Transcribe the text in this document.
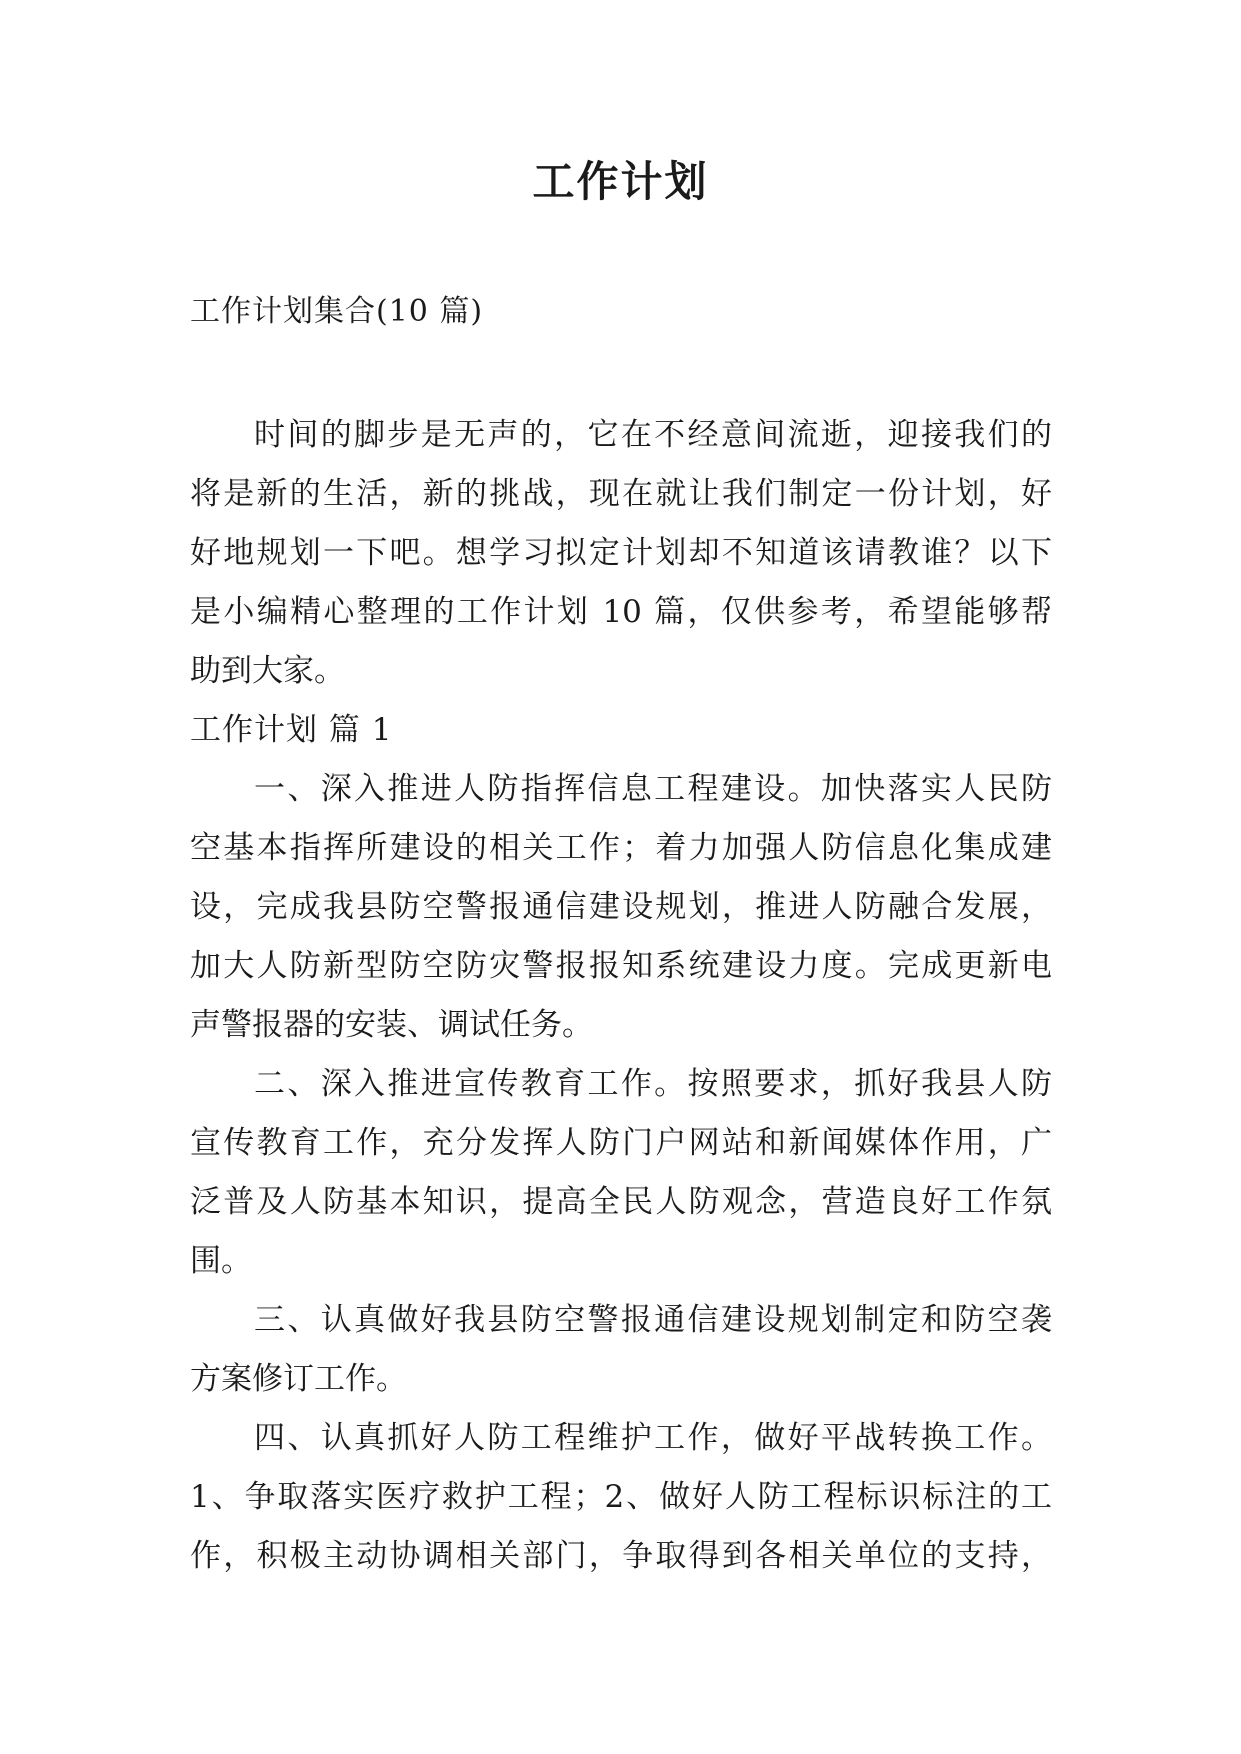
工作计划
工作计划集合(10 篇)
时间的脚步是无声的，它在不经意间流逝，迎接我们的
将是新的生活，新的挑战，现在就让我们制定一份计划，好
好地规划一下吧。想学习拟定计划却不知道该请教谁？以下
是小编精心整理的工作计划 10 篇，仅供参考，希望能够帮
助到大家。
工作计划 篇 1
一、深入推进人防指挥信息工程建设。加快落实人民防
空基本指挥所建设的相关工作；着力加强人防信息化集成建
设，完成我县防空警报通信建设规划，推进人防融合发展，
加大人防新型防空防灾警报报知系统建设力度。完成更新电
声警报器的安装、调试任务。
二、深入推进宣传教育工作。按照要求，抓好我县人防
宣传教育工作，充分发挥人防门户网站和新闻媒体作用，广
泛普及人防基本知识，提高全民人防观念，营造良好工作氛
围。
三、认真做好我县防空警报通信建设规划制定和防空袭
方案修订工作。
四、认真抓好人防工程维护工作，做好平战转换工作。
1、争取落实医疗救护工程；2、做好人防工程标识标注的工
作，积极主动协调相关部门，争取得到各相关单位的支持，
